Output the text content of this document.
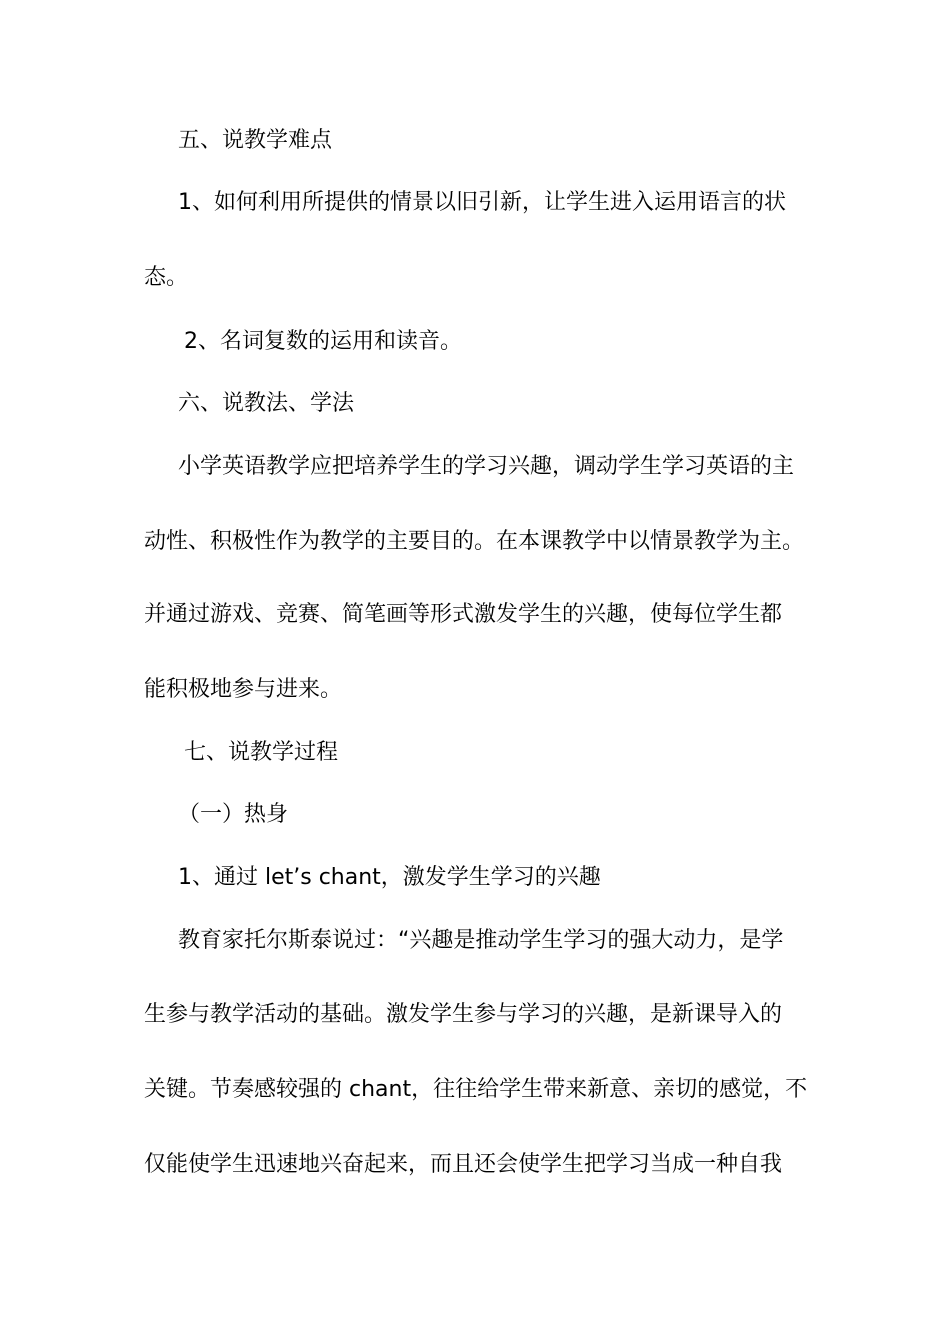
五、说教学难点

1、如何利用所提供的情景以旧引新，让学生进入运用语言的状

态。

2、名词复数的运用和读音。

六、说教法、学法

小学英语教学应把培养学生的学习兴趣，调动学生学习英语的主

动性、积极性作为教学的主要目的。在本课教学中以情景教学为主。

并通过游戏、竞赛、简笔画等形式激发学生的兴趣，使每位学生都

能积极地参与进来。

七、说教学过程

（一）热身

1、通过 let’s chant，激发学生学习的兴趣

教育家托尔斯泰说过：“兴趣是推动学生学习的强大动力，是学

生参与教学活动的基础。激发学生参与学习的兴趣，是新课导入的

关键。节奏感较强的 chant，往往给学生带来新意、亲切的感觉，不

仅能使学生迅速地兴奋起来，而且还会使学生把学习当成一种自我
